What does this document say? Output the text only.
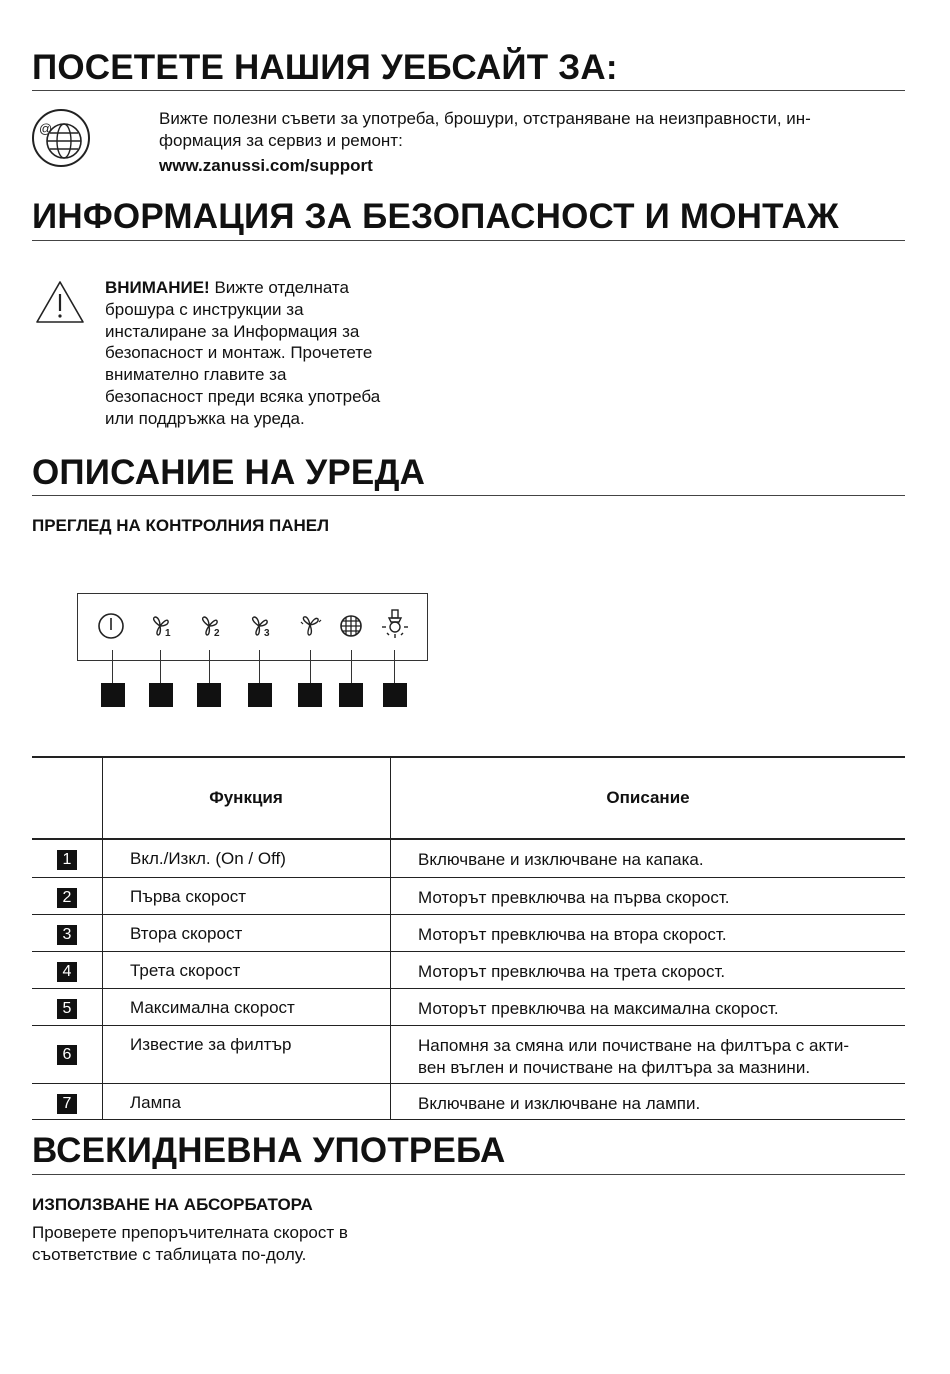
ПОСЕТЕТЕ НАШИЯ УЕБСАЙТ ЗА:
@
Вижте полезни съвети за употреба, брошури, отстраняване на неизправности, ин-
формация за сервиз и ремонт:
www.zanussi.com/support
ИНФОРМАЦИЯ ЗА БЕЗОПАСНОСТ И МОНТАЖ
ВНИМАНИЕ! Вижте отделната
брошура с инструкции за
инсталиране за Информация за
безопасност и монтаж. Прочетете
внимателно главите за
безопасност преди всяка употреба
или поддръжка на уреда.
ОПИСАНИЕ НА УРЕДА
ПРЕГЛЕД НА КОНТРОЛНИЯ ПАНЕЛ
1	2	3
	Функция	Описание
1	Вкл./Изкл. (On / Off)	Включване и изключване на капака.
2	Първа скорост	Моторът превключва на първа скорост.
3	Втора скорост	Моторът превключва на втора скорост.
4	Трета скорост	Моторът превключва на трета скорост.
5	Максимална скорост	Моторът превключва на максимална скорост.
6	Известие за филтър	Напомня за смяна или почистване на филтъра с акти-
вен въглен и почистване на филтъра за мазнини.

7	Лампа	Включване и изключване на лампи.
ВСЕКИДНЕВНА УПОТРЕБА
ИЗПОЛЗВАНЕ НА АБСОРБАТОРА
Проверете препоръчителната скорост в
съответствие с таблицата по-долу.
